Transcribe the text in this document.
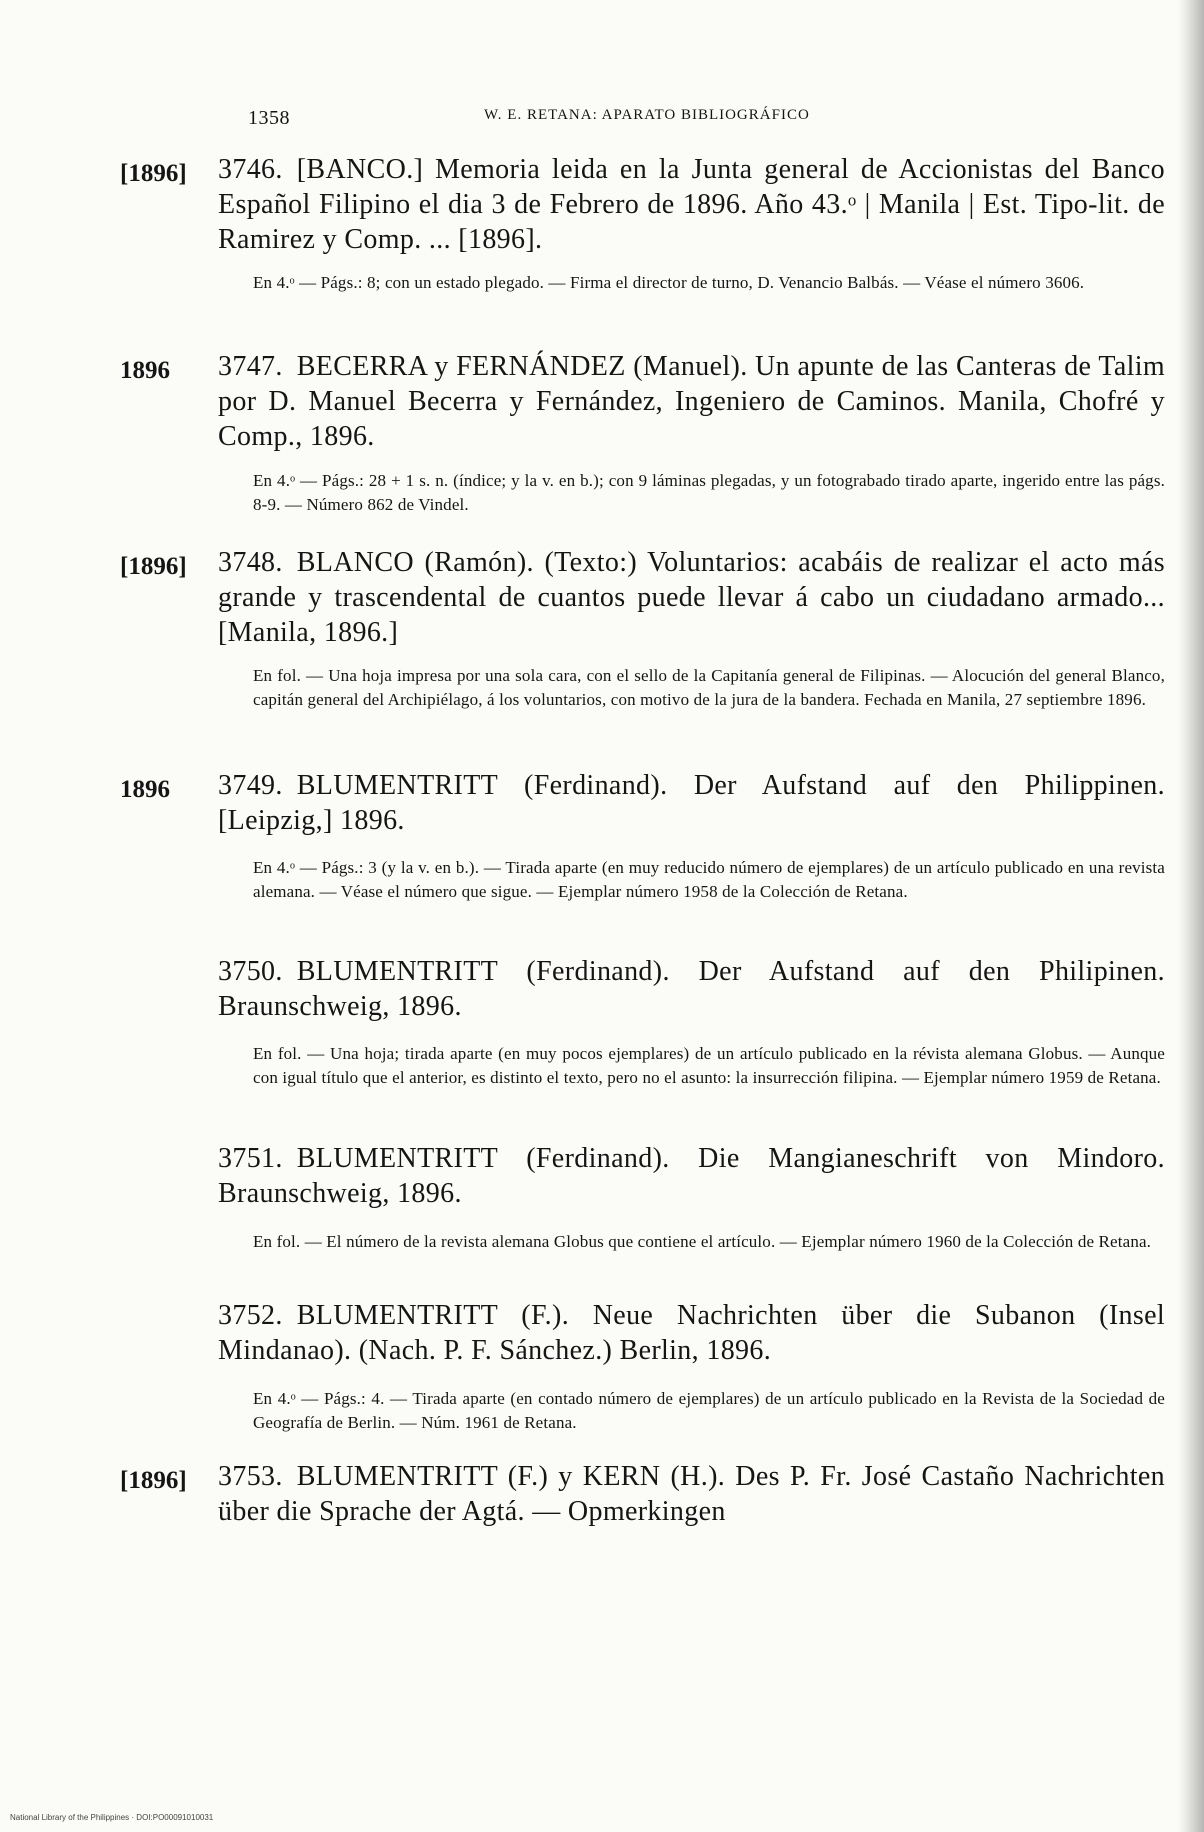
1358	W. E. RETANA: APARATO BIBLIOGRÁFICO
[1896] 3746. [BANCO.] Memoria leida en la Junta general de Accionistas del Banco Español Filipino el dia 3 de Febrero de 1896. Año 43.ᵒ | Manila | Est. Tipo-lit. de Ramirez y Comp. ... [1896].
En 4.ᵒ — Págs.: 8; con un estado plegado. — Firma el director de turno, D. Venancio Balbás. — Véase el número 3606.
1896 3747. BECERRA y FERNÁNDEZ (Manuel). Un apunte de las Canteras de Talim por D. Manuel Becerra y Fernández, Ingeniero de Caminos. Manila, Chofré y Comp., 1896.
En 4.ᵒ — Págs.: 28 + 1 s. n. (índice; y la v. en b.); con 9 láminas plegadas, y un fotograbado tirado aparte, ingerido entre las págs. 8-9. — Número 862 de Vindel.
[1896] 3748. BLANCO (Ramón). (Texto:) Voluntarios: acabáis de realizar el acto más grande y trascendental de cuantos puede llevar á cabo un ciudadano armado... [Manila, 1896.]
En fol. — Una hoja impresa por una sola cara, con el sello de la Capitanía general de Filipinas. — Alocución del general Blanco, capitán general del Archipiélago, á los voluntarios, con motivo de la jura de la bandera. Fechada en Manila, 27 septiembre 1896.
1896 3749. BLUMENTRITT (Ferdinand). Der Aufstand auf den Philippinen. [Leipzig,] 1896.
En 4.ᵒ — Págs.: 3 (y la v. en b.). — Tirada aparte (en muy reducido número de ejemplares) de un artículo publicado en una revista alemana. — Véase el número que sigue. — Ejemplar número 1958 de la Colección de Retana.
3750. BLUMENTRITT (Ferdinand). Der Aufstand auf den Philipinen. Braunschweig, 1896.
En fol. — Una hoja; tirada aparte (en muy pocos ejemplares) de un artículo publicado en la révista alemana Globus. — Aunque con igual título que el anterior, es distinto el texto, pero no el asunto: la insurrección filipina. — Ejemplar número 1959 de Retana.
3751. BLUMENTRITT (Ferdinand). Die Mangianeschrift von Mindoro. Braunschweig, 1896.
En fol. — El número de la revista alemana Globus que contiene el artículo. — Ejemplar número 1960 de la Colección de Retana.
3752. BLUMENTRITT (F.). Neue Nachrichten über die Subanon (Insel Mindanao). (Nach. P. F. Sánchez.) Berlin, 1896.
En 4.ᵒ — Págs.: 4. — Tirada aparte (en contado número de ejemplares) de un artículo publicado en la Revista de la Sociedad de Geografía de Berlin. — Núm. 1961 de Retana.
[1896] 3753. BLUMENTRITT (F.) y KERN (H.). Des P. Fr. José Castaño Nachrichten über die Sprache der Agtá. — Opmerkingen
National Library of the Philippines · DOI:PO00091010031
